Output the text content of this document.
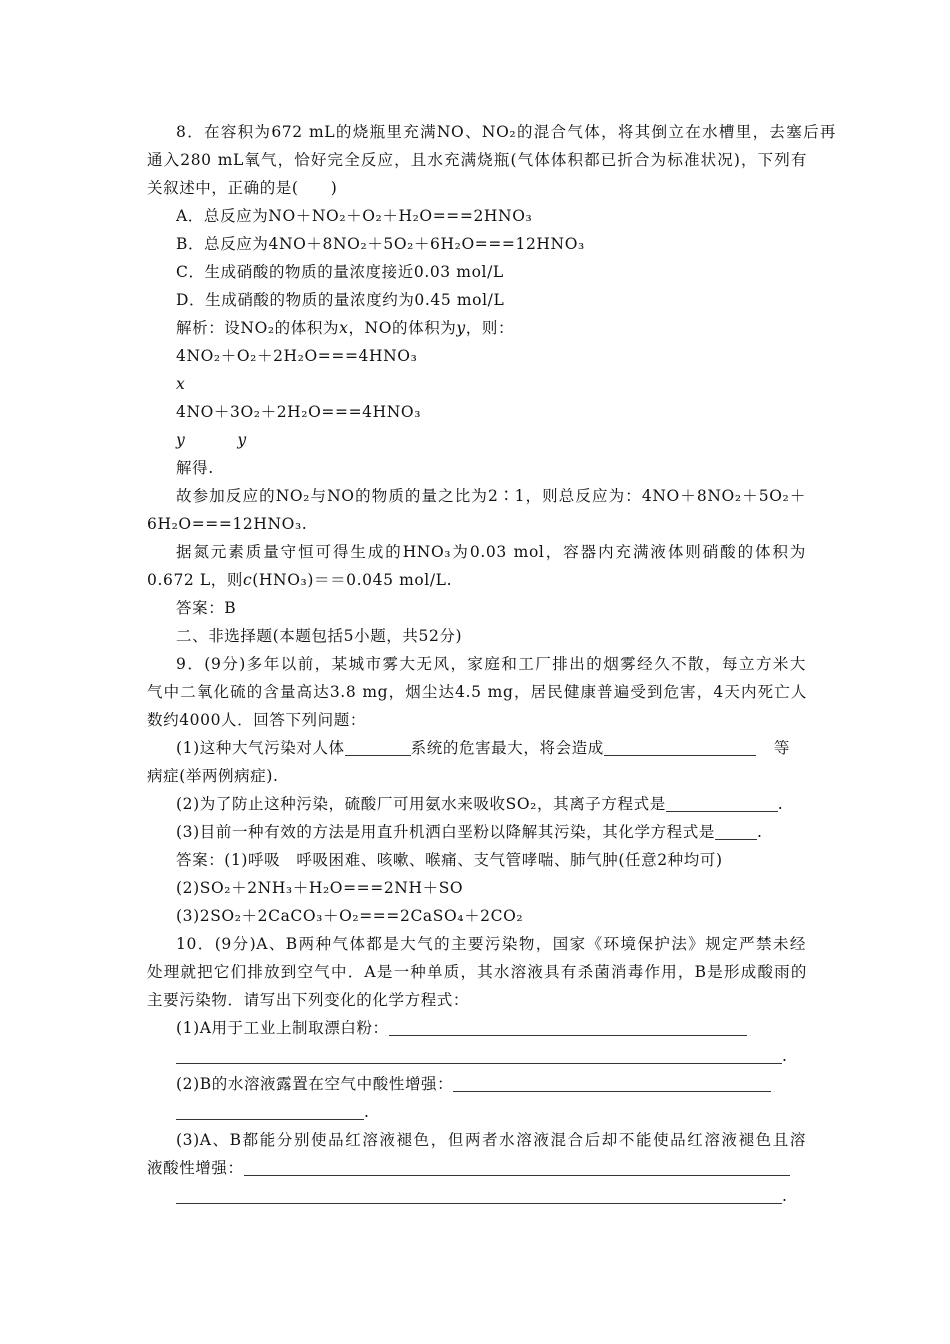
8．在容积为672 mL的烧瓶里充满NO、NO₂的混合气体，将其倒立在水槽里，去塞后再
通入280 mL氧气，恰好完全反应，且水充满烧瓶(气体体积都已折合为标准状况)，下列有
关叙述中，正确的是(　　)
A．总反应为NO＋NO₂＋O₂＋H₂O===2HNO₃
B．总反应为4NO＋8NO₂＋5O₂＋6H₂O===12HNO₃
C．生成硝酸的物质的量浓度接近0.03 mol/L
D．生成硝酸的物质的量浓度约为0.45 mol/L
解析：设NO₂的体积为x，NO的体积为y，则：
4NO₂＋O₂＋2H₂O===4HNO₃
x
4NO＋3O₂＋2H₂O===4HNO₃
y	y
解得.
故参加反应的NO₂与NO的物质的量之比为2∶1，则总反应为：4NO＋8NO₂＋5O₂＋
6H₂O===12HNO₃.
据氮元素质量守恒可得生成的HNO₃为0.03 mol，容器内充满液体则硝酸的体积为
0.672 L，则c(HNO₃)＝＝0.045 mol/L.
答案：B
二、非选择题(本题包括5小题，共52分)
9．(9分)多年以前，某城市雾大无风，家庭和工厂排出的烟雾经久不散，每立方米大
气中二氧化硫的含量高达3.8 mg，烟尘达4.5 mg，居民健康普遍受到危害，4天内死亡人
数约4000人．回答下列问题：
(1)这种大气污染对人体	系统的危害最大，将会造成	等
病症(举两例病症).
(2)为了防止这种污染，硫酸厂可用氨水来吸收SO₂，其离子方程式是	.
(3)目前一种有效的方法是用直升机洒白垩粉以降解其污染，其化学方程式是	.
答案：(1)呼吸　呼吸困难、咳嗽、喉痛、支气管哮喘、肺气肿(任意2种均可)
(2)SO₂＋2NH₃＋H₂O===2NH＋SO
(3)2SO₂＋2CaCO₃＋O₂===2CaSO₄＋2CO₂
10．(9分)A、B两种气体都是大气的主要污染物，国家《环境保护法》规定严禁未经
处理就把它们排放到空气中．A是一种单质，其水溶液具有杀菌消毒作用，B是形成酸雨的
主要污染物．请写出下列变化的化学方程式：
(1)A用于工业上制取漂白粉：
.
(2)B的水溶液露置在空气中酸性增强：
.
(3)A、B都能分别使品红溶液褪色，但两者水溶液混合后却不能使品红溶液褪色且溶
液酸性增强：
.
